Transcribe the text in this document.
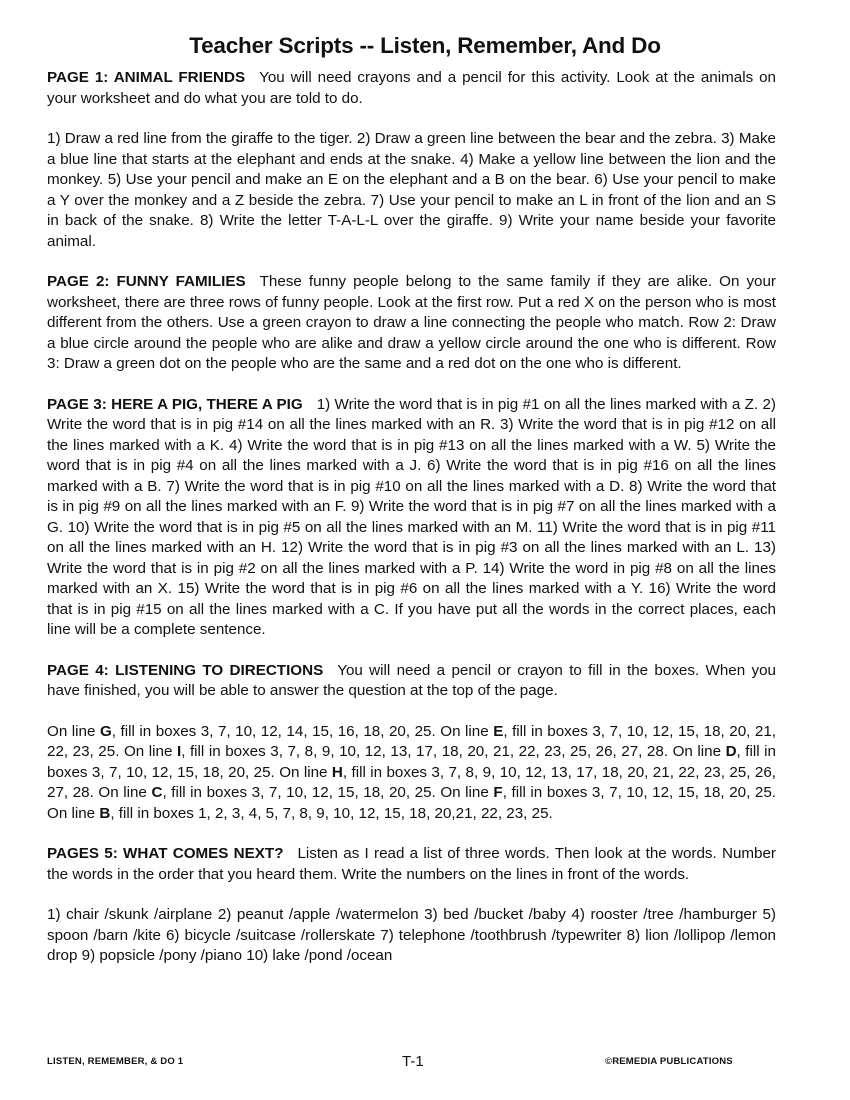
Teacher Scripts -- Listen, Remember, And Do

PAGE 1: ANIMAL FRIENDS You will need crayons and a pencil for this activity. Look at the animals on your worksheet and do what you are told to do.

1) Draw a red line from the giraffe to the tiger. 2) Draw a green line between the bear and the zebra. 3) Make a blue line that starts at the elephant and ends at the snake. 4) Make a yellow line between the lion and the monkey. 5) Use your pencil and make an E on the elephant and a B on the bear. 6) Use your pencil to make a Y over the monkey and a Z beside the zebra. 7) Use your pencil to make an L in front of the lion and an S in back of the snake. 8) Write the letter T-A-L-L over the giraffe. 9) Write your name beside your favorite animal.

PAGE 2: FUNNY FAMILIES These funny people belong to the same family if they are alike. On your worksheet, there are three rows of funny people. Look at the first row. Put a red X on the person who is most different from the others. Use a green crayon to draw a line connecting the people who match. Row 2: Draw a blue circle around the people who are alike and draw a yellow circle around the one who is different. Row 3: Draw a green dot on the people who are the same and a red dot on the one who is different.

PAGE 3: HERE A PIG, THERE A PIG 1) Write the word that is in pig #1 on all the lines marked with a Z. 2) Write the word that is in pig #14 on all the lines marked with an R. 3) Write the word that is in pig #12 on all the lines marked with a K. 4) Write the word that is in pig #13 on all the lines marked with a W. 5) Write the word that is in pig #4 on all the lines marked with a J. 6) Write the word that is in pig #16 on all the lines marked with a B. 7) Write the word that is in pig #10 on all the lines marked with a D. 8) Write the word that is in pig #9 on all the lines marked with an F. 9) Write the word that is in pig #7 on all the lines marked with a G. 10) Write the word that is in pig #5 on all the lines marked with an M. 11) Write the word that is in pig #11 on all the lines marked with an H. 12) Write the word that is in pig #3 on all the lines marked with an L. 13) Write the word that is in pig #2 on all the lines marked with a P. 14) Write the word in pig #8 on all the lines marked with an X. 15) Write the word that is in pig #6 on all the lines marked with a Y. 16) Write the word that is in pig #15 on all the lines marked with a C. If you have put all the words in the correct places, each line will be a complete sentence.

PAGE 4: LISTENING TO DIRECTIONS You will need a pencil or crayon to fill in the boxes. When you have finished, you will be able to answer the question at the top of the page.

On line G, fill in boxes 3, 7, 10, 12, 14, 15, 16, 18, 20, 25. On line E, fill in boxes 3, 7, 10, 12, 15, 18, 20, 21, 22, 23, 25. On line I, fill in boxes 3, 7, 8, 9, 10, 12, 13, 17, 18, 20, 21, 22, 23, 25, 26, 27, 28. On line D, fill in boxes 3, 7, 10, 12, 15, 18, 20, 25. On line H, fill in boxes 3, 7, 8, 9, 10, 12, 13, 17, 18, 20, 21, 22, 23, 25, 26, 27, 28. On line C, fill in boxes 3, 7, 10, 12, 15, 18, 20, 25. On line F, fill in boxes 3, 7, 10, 12, 15, 18, 20, 25. On line B, fill in boxes 1, 2, 3, 4, 5, 7, 8, 9, 10, 12, 15, 18, 20,21, 22, 23, 25.

PAGES 5: WHAT COMES NEXT? Listen as I read a list of three words. Then look at the words. Number the words in the order that you heard them. Write the numbers on the lines in front of the words.

1) chair /skunk /airplane 2) peanut /apple /watermelon 3) bed /bucket /baby 4) rooster /tree /hamburger 5) spoon /barn /kite 6) bicycle /suitcase /rollerskate 7) telephone /toothbrush /typewriter 8) lion /lollipop /lemon drop 9) popsicle /pony /piano 10) lake /pond /ocean

LISTEN, REMEMBER, & DO 1	T-1	©REMEDIA PUBLICATIONS
